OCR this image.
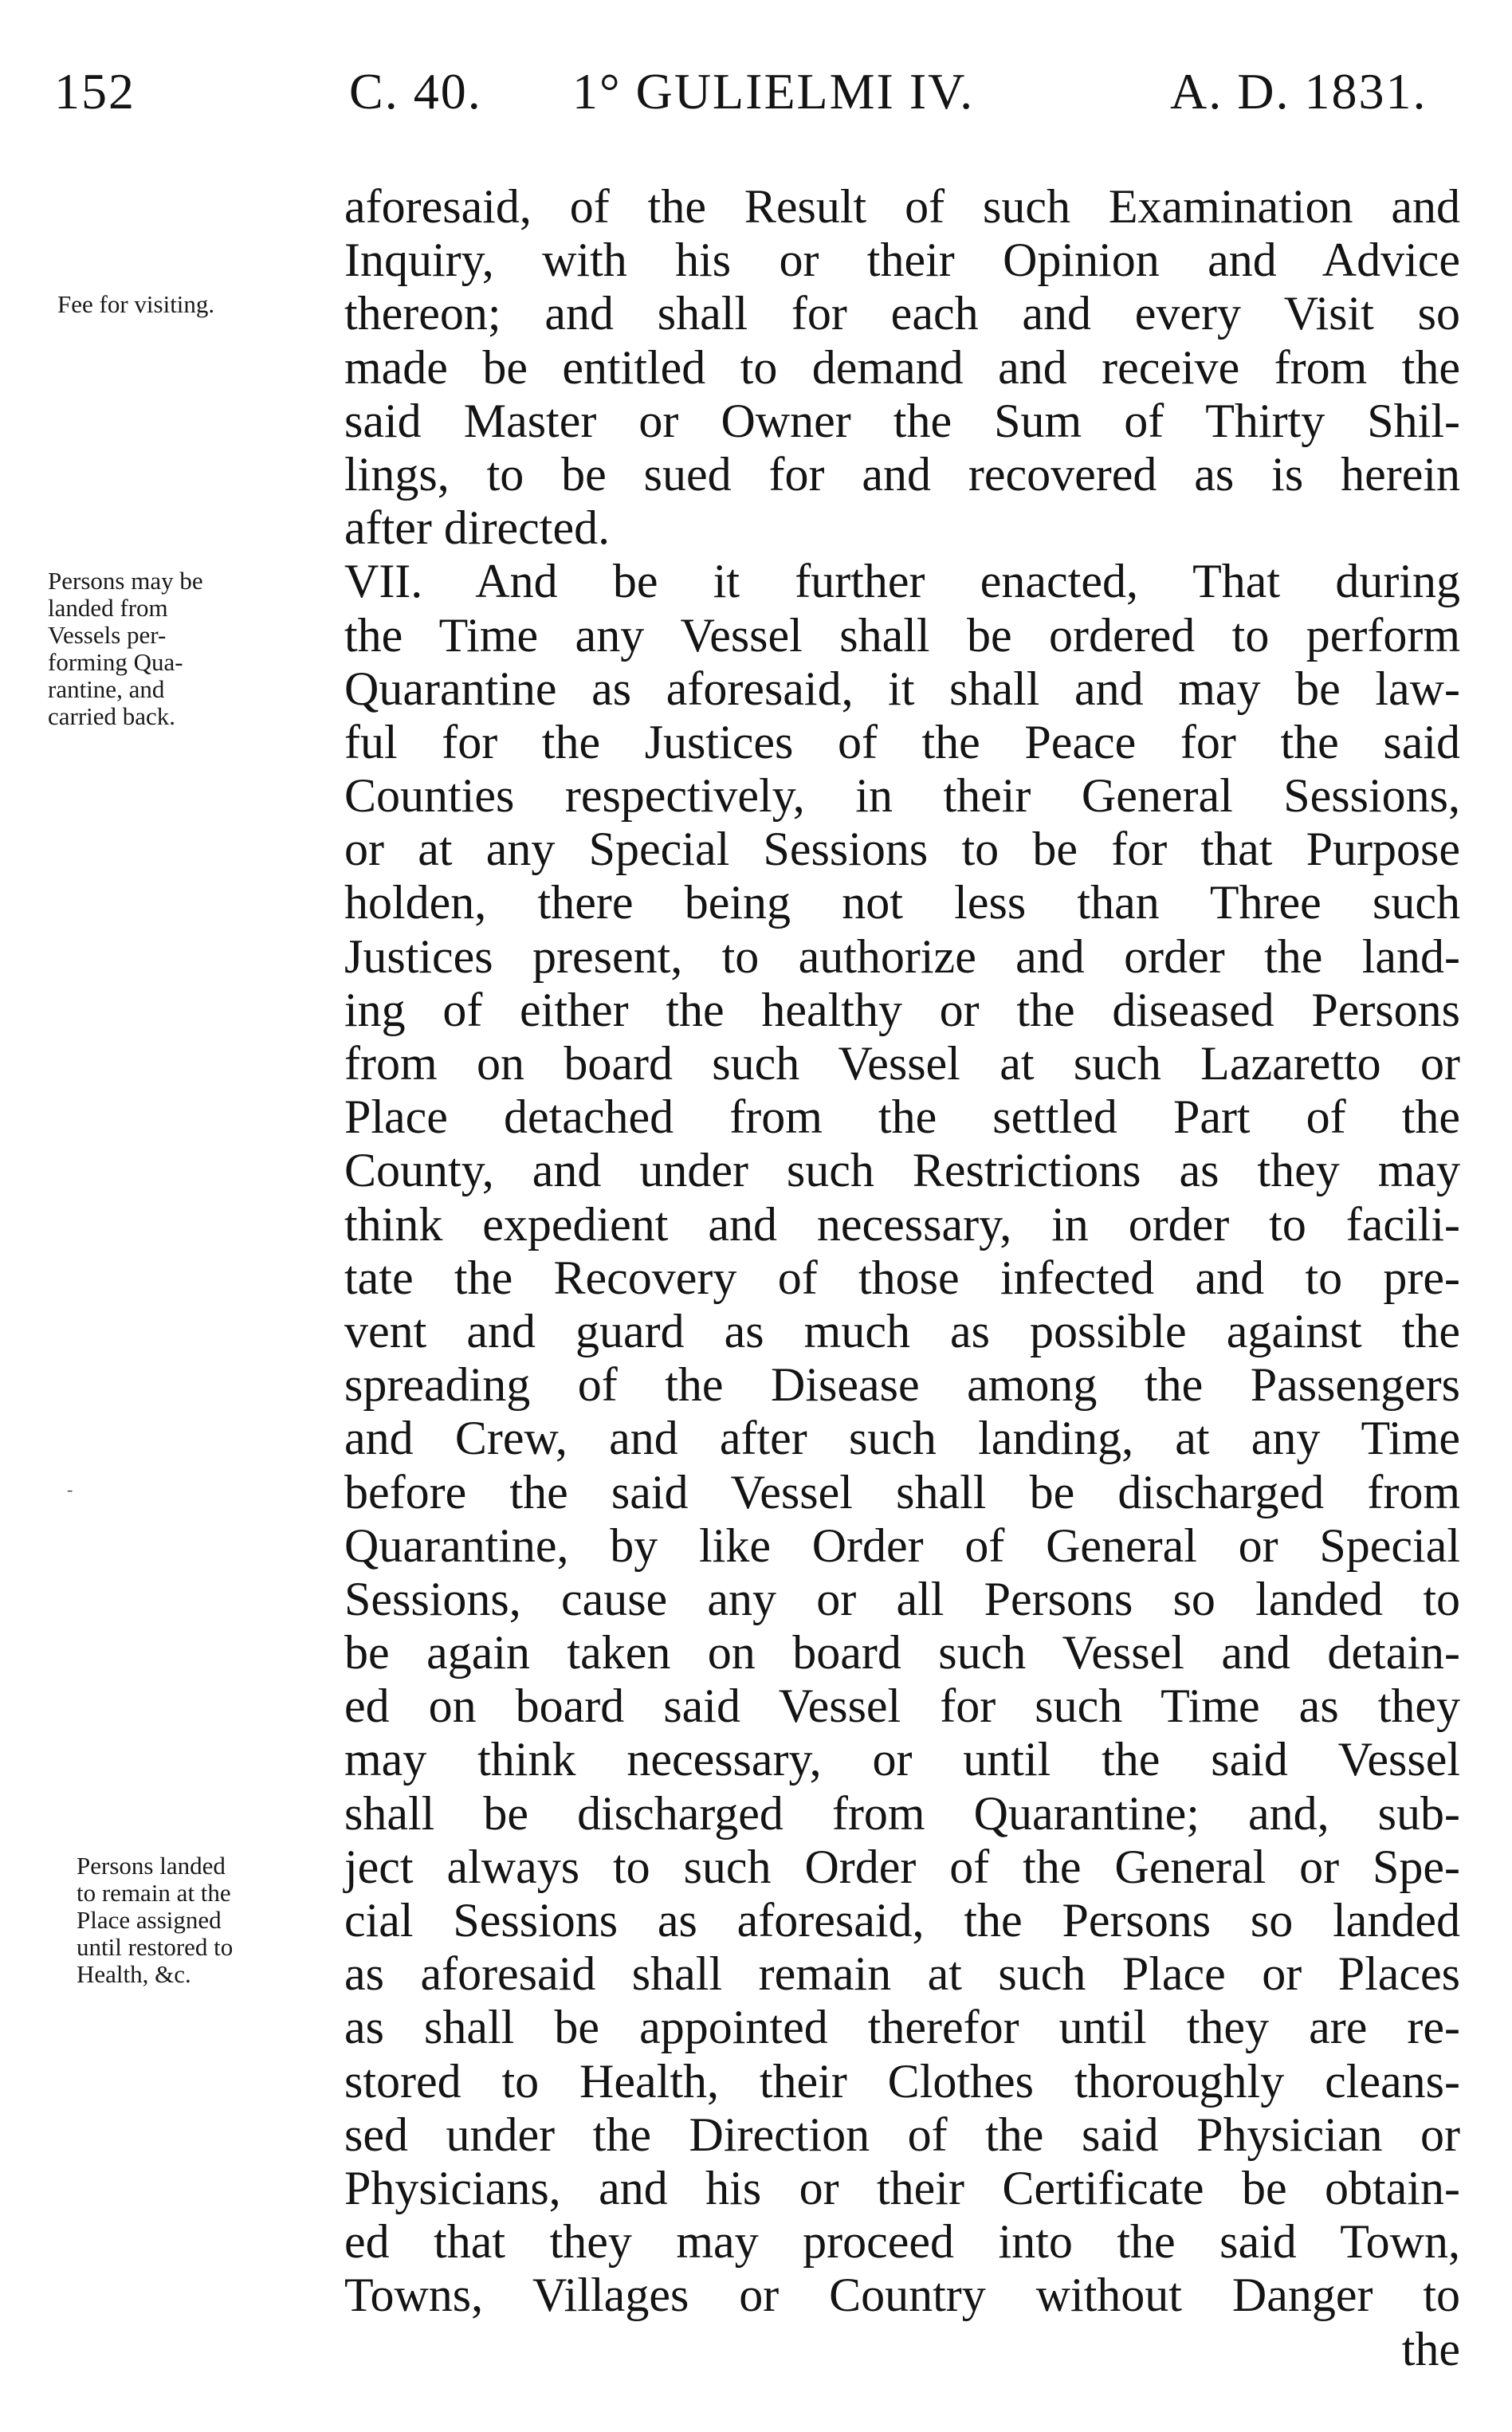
152	C. 40. 1° GULIELMI IV.	A. D. 1831.
Fee for visiting.
Persons may be
landed from
Vessels per-
forming Qua-
rantine, and
carried back.
-
Persons landed
to remain at the
Place assigned
until restored to
Health, &c.
aforesaid, of the Result of such Examination and
Inquiry, with his or their Opinion and Advice
thereon; and shall for each and every Visit so
made be entitled to demand and receive from the
said Master or Owner the Sum of Thirty Shil-
lings, to be sued for and recovered as is herein
after directed.
VII. And be it further enacted, That during
the Time any Vessel shall be ordered to perform
Quarantine as aforesaid, it shall and may be law-
ful for the Justices of the Peace for the said
Counties respectively, in their General Sessions,
or at any Special Sessions to be for that Purpose
holden, there being not less than Three such
Justices present, to authorize and order the land-
ing of either the healthy or the diseased Persons
from on board such Vessel at such Lazaretto or
Place detached from the settled Part of the
County, and under such Restrictions as they may
think expedient and necessary, in order to facili-
tate the Recovery of those infected and to pre-
vent and guard as much as possible against the
spreading of the Disease among the Passengers
and Crew, and after such landing, at any Time
before the said Vessel shall be discharged from
Quarantine, by like Order of General or Special
Sessions, cause any or all Persons so landed to
be again taken on board such Vessel and detain-
ed on board said Vessel for such Time as they
may think necessary, or until the said Vessel
shall be discharged from Quarantine; and, sub-
ject always to such Order of the General or Spe-
cial Sessions as aforesaid, the Persons so landed
as aforesaid shall remain at such Place or Places
as shall be appointed therefor until they are re-
stored to Health, their Clothes thoroughly cleans-
sed under the Direction of the said Physician or
Physicians, and his or their Certificate be obtain-
ed that they may proceed into the said Town,
Towns, Villages or Country without Danger to
the
